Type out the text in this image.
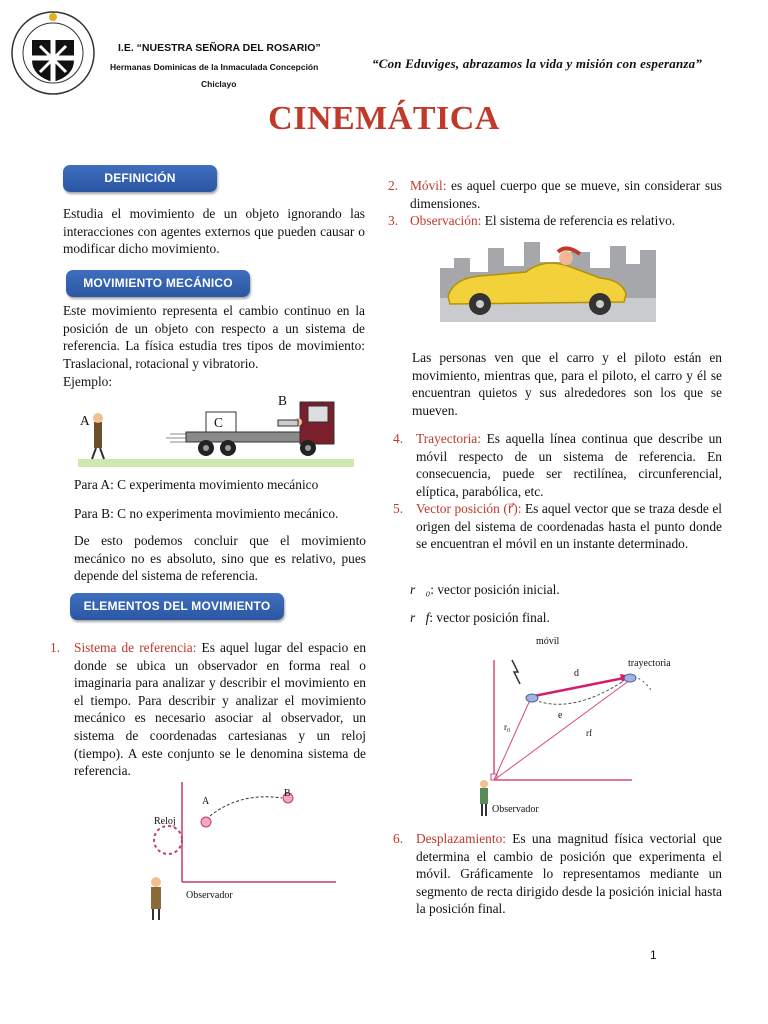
I.E. “NUESTRA SEÑORA DEL ROSARIO”
Hermanas Dominicas de la Inmaculada Concepción
Chiclayo
“Con Eduviges, abrazamos la vida y misión con esperanza”
CINEMÁTICA
DEFINICIÓN

Estudia el movimiento de un objeto ignorando las interacciones con agentes externos que pueden causar o modificar dicho movimiento.

MOVIMIENTO MECÁNICO

Este movimiento representa el cambio continuo en la posición de un objeto con respecto a un sistema de referencia. La física estudia tres tipos de movimiento: Traslacional, rotacional y vibratorio.

Ejemplo:

A
B
C

Para A: C experimenta movimiento mecánico

Para B: C no experimenta movimiento mecánico.

De esto podemos concluir que el movimiento mecánico no es absoluto, sino que es relativo, pues depende del sistema de referencia.

ELEMENTOS DEL MOVIMIENTO
1. Sistema de referencia: Es aquel lugar del espacio en donde se ubica un observador en forma real o imaginaria para analizar y describir el movimiento en el tiempo. Para describir y analizar el movimiento mecánico es necesario asociar al observador, un sistema de coordenadas cartesianas y un reloj (tiempo). A este conjunto se le denomina sistema de referencia.

Reloj
Observador
A
B
2. Móvil: es aquel cuerpo que se mueve, sin considerar sus dimensiones.

3. Observación: El sistema de referencia es relativo.

Las personas ven que el carro y el piloto están en movimiento, mientras que, para el piloto, el carro y él se encuentran quietos y sus alrededores son los que se mueven.

4. Trayectoria: Es aquella línea continua que describe un móvil respecto de un sistema de referencia. En consecuencia, puede ser rectilínea, circunferencial, elíptica, parabólica, etc.

5. Vector posición (r⃗): Es aquel vector que se traza desde el origen del sistema de coordenadas hasta el punto donde se encuentran el móvil en un instante determinado.

r⃗₀: vector posición inicial.

r⃗f: vector posición final.

móvil
trayectoria
d
e
r₀
rf
Observador
6. Desplazamiento: Es una magnitud física vectorial que determina el cambio de posición que experimenta el móvil. Gráficamente lo representamos mediante un segmento de recta dirigido desde la posición inicial hasta la posición final.

1
